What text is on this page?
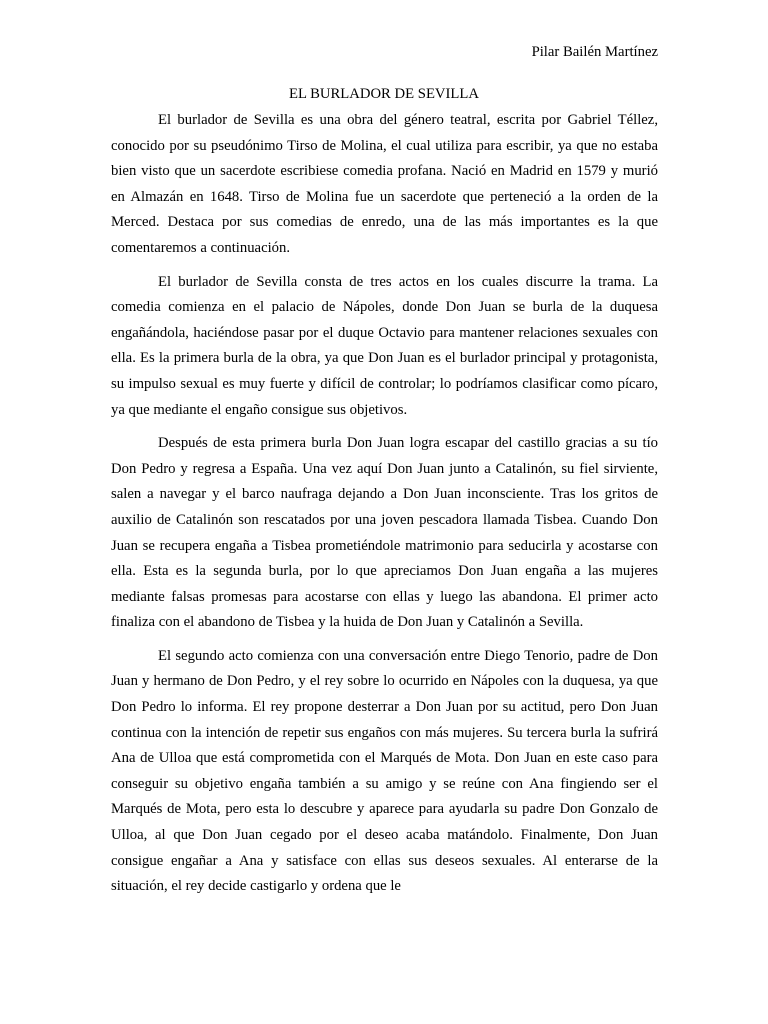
Pilar Bailén Martínez

EL BURLADOR DE SEVILLA

El burlador de Sevilla es una obra del género teatral, escrita por Gabriel Téllez, conocido por su pseudónimo Tirso de Molina, el cual utiliza para escribir, ya que no estaba bien visto que un sacerdote escribiese comedia profana. Nació en Madrid en 1579 y murió en Almazán en 1648. Tirso de Molina fue un sacerdote que perteneció a la orden de la Merced. Destaca por sus comedias de enredo, una de las más importantes es la que comentaremos a continuación.

El burlador de Sevilla consta de tres actos en los cuales discurre la trama. La comedia comienza en el palacio de Nápoles, donde Don Juan se burla de la duquesa engañándola, haciéndose pasar por el duque Octavio para mantener relaciones sexuales con ella. Es la primera burla de la obra, ya que Don Juan es el burlador principal y protagonista, su impulso sexual es muy fuerte y difícil de controlar; lo podríamos clasificar como pícaro, ya que mediante el engaño consigue sus objetivos.

Después de esta primera burla Don Juan logra escapar del castillo gracias a su tío Don Pedro y regresa a España. Una vez aquí Don Juan junto a Catalinón, su fiel sirviente, salen a navegar y el barco naufraga dejando a Don Juan inconsciente. Tras los gritos de auxilio de Catalinón son rescatados por una joven pescadora llamada Tisbea. Cuando Don Juan se recupera engaña a Tisbea prometiéndole matrimonio para seducirla y acostarse con ella. Esta es la segunda burla, por lo que apreciamos Don Juan engaña a las mujeres mediante falsas promesas para acostarse con ellas y luego las abandona. El primer acto finaliza con el abandono de Tisbea y la huida de Don Juan y Catalinón a Sevilla.

El segundo acto comienza con una conversación entre Diego Tenorio, padre de Don Juan y hermano de Don Pedro, y el rey sobre lo ocurrido en Nápoles con la duquesa, ya que Don Pedro lo informa. El rey propone desterrar a Don Juan por su actitud, pero Don Juan continua con la intención de repetir sus engaños con más mujeres. Su tercera burla la sufrirá Ana de Ulloa que está comprometida con el Marqués de Mota. Don Juan en este caso para conseguir su objetivo engaña también a su amigo y se reúne con Ana fingiendo ser el Marqués de Mota, pero esta lo descubre y aparece para ayudarla su padre Don Gonzalo de Ulloa, al que Don Juan cegado por el deseo acaba matándolo. Finalmente, Don Juan consigue engañar a Ana y satisface con ellas sus deseos sexuales. Al enterarse de la situación, el rey decide castigarlo y ordena que le
